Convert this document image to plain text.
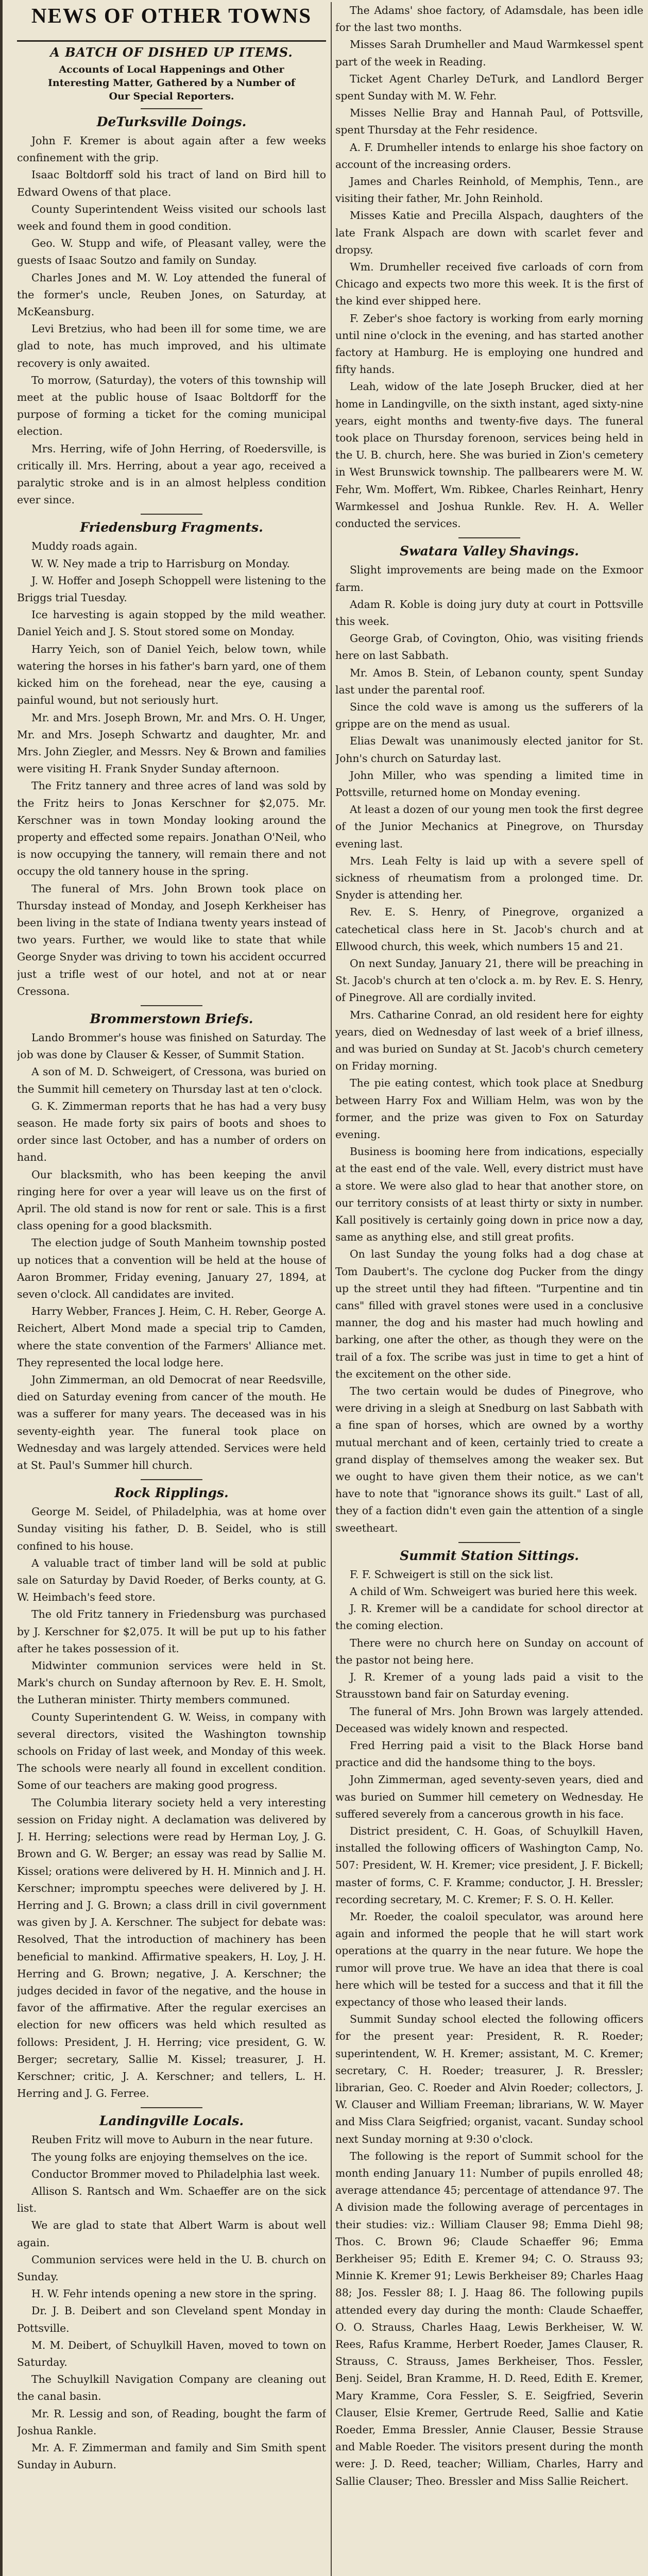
NEWS OF OTHER TOWNS
A BATCH OF DISHED UP ITEMS.
Accounts of Local Happenings and Other Interesting Matter, Gathered by a Number of Our Special Reporters.
DeTurksville Doings.

John F. Kremer is about again after a few weeks confinement with the grip.

Isaac Boltdorff sold his tract of land on Bird hill to Edward Owens of that place.

County Superintendent Weiss visited our schools last week and found them in good condition.

Geo. W. Stupp and wife, of Pleasant valley, were the guests of Isaac Soutzo and family on Sunday.

Charles Jones and M. W. Loy attended the funeral of the former's uncle, Reuben Jones, on Saturday, at McKeansburg.

Levi Bretzius, who had been ill for some time, we are glad to note, has much improved, and his ultimate recovery is only awaited.

To morrow, (Saturday), the voters of this township will meet at the public house of Isaac Boltdorff for the purpose of forming a ticket for the coming municipal election.

Mrs. Herring, wife of John Herring, of Roedersville, is critically ill. Mrs. Herring, about a year ago, received a paralytic stroke and is in an almost helpless condition ever since.

Friedensburg Fragments.

Muddy roads again.

W. W. Ney made a trip to Harrisburg on Monday.

J. W. Hoffer and Joseph Schoppell were listening to the Briggs trial Tuesday.

Ice harvesting is again stopped by the mild weather. Daniel Yeich and J. S. Stout stored some on Monday.

Harry Yeich, son of Daniel Yeich, below town, while watering the horses in his father's barn yard, one of them kicked him on the forehead, near the eye, causing a painful wound, but not seriously hurt.

Mr. and Mrs. Joseph Brown, Mr. and Mrs. O. H. Unger, Mr. and Mrs. Joseph Schwartz and daughter, Mr. and Mrs. John Ziegler, and Messrs. Ney & Brown and families were visiting H. Frank Snyder Sunday afternoon.

The Fritz tannery and three acres of land was sold by the Fritz heirs to Jonas Kerschner for $2,075. Mr. Kerschner was in town Monday looking around the property and effected some repairs. Jonathan O'Neil, who is now occupying the tannery, will remain there and not occupy the old tannery house in the spring.

The funeral of Mrs. John Brown took place on Thursday instead of Monday, and Joseph Kerkheiser has been living in the state of Indiana twenty years instead of two years. Further, we would like to state that while George Snyder was driving to town his accident occurred just a trifle west of our hotel, and not at or near Cressona.

Brommerstown Briefs.

Lando Brommer's house was finished on Saturday. The job was done by Clauser & Kesser, of Summit Station.

A son of M. D. Schweigert, of Cressona, was buried on the Summit hill cemetery on Thursday last at ten o'clock.

G. K. Zimmerman reports that he has had a very busy season. He made forty six pairs of boots and shoes to order since last October, and has a number of orders on hand.

Our blacksmith, who has been keeping the anvil ringing here for over a year will leave us on the first of April. The old stand is now for rent or sale. This is a first class opening for a good blacksmith.

The election judge of South Manheim township posted up notices that a convention will be held at the house of Aaron Brommer, Friday evening, January 27, 1894, at seven o'clock. All candidates are invited.

Harry Webber, Frances J. Heim, C. H. Reber, George A. Reichert, Albert Mond made a special trip to Camden, where the state convention of the Farmers' Alliance met. They represented the local lodge here.

John Zimmerman, an old Democrat of near Reedsville, died on Saturday evening from cancer of the mouth. He was a sufferer for many years. The deceased was in his seventy-eighth year. The funeral took place on Wednesday and was largely attended. Services were held at St. Paul's Summer hill church.

Rock Ripplings.

George M. Seidel, of Philadelphia, was at home over Sunday visiting his father, D. B. Seidel, who is still confined to his house.

A valuable tract of timber land will be sold at public sale on Saturday by David Roeder, of Berks county, at G. W. Heimbach's feed store.

The old Fritz tannery in Friedensburg was purchased by J. Kerschner for $2,075. It will be put up to his father after he takes possession of it.

Midwinter communion services were held in St. Mark's church on Sunday afternoon by Rev. E. H. Smolt, the Lutheran minister. Thirty members communed.

County Superintendent G. W. Weiss, in company with several directors, visited the Washington township schools on Friday of last week, and Monday of this week. The schools were nearly all found in excellent condition. Some of our teachers are making good progress.

The Columbia literary society held a very interesting session on Friday night. A declamation was delivered by J. H. Herring; selections were read by Herman Loy, J. G. Brown and G. W. Berger; an essay was read by Sallie M. Kissel; orations were delivered by H. H. Minnich and J. H. Kerschner; impromptu speeches were delivered by J. H. Herring and J. G. Brown; a class drill in civil government was given by J. A. Kerschner. The subject for debate was: Resolved, That the introduction of machinery has been beneficial to mankind. Affirmative speakers, H. Loy, J. H. Herring and G. Brown; negative, J. A. Kerschner; the judges decided in favor of the negative, and the house in favor of the affirmative. After the regular exercises an election for new officers was held which resulted as follows: President, J. H. Herring; vice president, G. W. Berger; secretary, Sallie M. Kissel; treasurer, J. H. Kerschner; critic, J. A. Kerschner; and tellers, L. H. Herring and J. G. Ferree.

Landingville Locals.

Reuben Fritz will move to Auburn in the near future.

The young folks are enjoying themselves on the ice.

Conductor Brommer moved to Philadelphia last week.

Allison S. Rantsch and Wm. Schaeffer are on the sick list.

We are glad to state that Albert Warm is about well again.

Communion services were held in the U. B. church on Sunday.

H. W. Fehr intends opening a new store in the spring.

Dr. J. B. Deibert and son Cleveland spent Monday in Pottsville.

M. M. Deibert, of Schuylkill Haven, moved to town on Saturday.

The Schuylkill Navigation Company are cleaning out the canal basin.

Mr. R. Lessig and son, of Reading, bought the farm of Joshua Rankle.

Mr. A. F. Zimmerman and family and Sim Smith spent Sunday in Auburn.

The Adams' shoe factory, of Adamsdale, has been idle for the last two months.

Misses Sarah Drumheller and Maud Warmkessel spent part of the week in Reading.

Ticket Agent Charley DeTurk, and Landlord Berger spent Sunday with M. W. Fehr.

Misses Nellie Bray and Hannah Paul, of Pottsville, spent Thursday at the Fehr residence.

A. F. Drumheller intends to enlarge his shoe factory on account of the increasing orders.

James and Charles Reinhold, of Memphis, Tenn., are visiting their father, Mr. John Reinhold.

Misses Katie and Precilla Alspach, daughters of the late Frank Alspach are down with scarlet fever and dropsy.

Wm. Drumheller received five carloads of corn from Chicago and expects two more this week. It is the first of the kind ever shipped here.

F. Zeber's shoe factory is working from early morning until nine o'clock in the evening, and has started another factory at Hamburg. He is employing one hundred and fifty hands.

Leah, widow of the late Joseph Brucker, died at her home in Landingville, on the sixth instant, aged sixty-nine years, eight months and twenty-five days. The funeral took place on Thursday forenoon, services being held in the U. B. church, here. She was buried in Zion's cemetery in West Brunswick township. The pallbearers were M. W. Fehr, Wm. Moffert, Wm. Ribkee, Charles Reinhart, Henry Warmkessel and Joshua Runkle. Rev. H. A. Weller conducted the services.

Swatara Valley Shavings.

Slight improvements are being made on the Exmoor farm.

Adam R. Koble is doing jury duty at court in Pottsville this week.

George Grab, of Covington, Ohio, was visiting friends here on last Sabbath.

Mr. Amos B. Stein, of Lebanon county, spent Sunday last under the parental roof.

Since the cold wave is among us the sufferers of la grippe are on the mend as usual.

Elias Dewalt was unanimously elected janitor for St. John's church on Saturday last.

John Miller, who was spending a limited time in Pottsville, returned home on Monday evening.

At least a dozen of our young men took the first degree of the Junior Mechanics at Pinegrove, on Thursday evening last.

Mrs. Leah Felty is laid up with a severe spell of sickness of rheumatism from a prolonged time. Dr. Snyder is attending her.

Rev. E. S. Henry, of Pinegrove, organized a catechetical class here in St. Jacob's church and at Ellwood church, this week, which numbers 15 and 21.

On next Sunday, January 21, there will be preaching in St. Jacob's church at ten o'clock a. m. by Rev. E. S. Henry, of Pinegrove. All are cordially invited.

Mrs. Catharine Conrad, an old resident here for eighty years, died on Wednesday of last week of a brief illness, and was buried on Sunday at St. Jacob's church cemetery on Friday morning.

The pie eating contest, which took place at Snedburg between Harry Fox and William Helm, was won by the former, and the prize was given to Fox on Saturday evening.

Business is booming here from indications, especially at the east end of the vale. Well, every district must have a store. We were also glad to hear that another store, on our territory consists of at least thirty or sixty in number. Kall positively is certainly going down in price now a day, same as anything else, and still great profits.

On last Sunday the young folks had a dog chase at Tom Daubert's. The cyclone dog Pucker from the dingy up the street until they had fifteen. "Turpentine and tin cans" filled with gravel stones were used in a conclusive manner, the dog and his master had much howling and barking, one after the other, as though they were on the trail of a fox. The scribe was just in time to get a hint of the excitement on the other side.

The two certain would be dudes of Pinegrove, who were driving in a sleigh at Snedburg on last Sabbath with a fine span of horses, which are owned by a worthy mutual merchant and of keen, certainly tried to create a grand display of themselves among the weaker sex. But we ought to have given them their notice, as we can't have to note that "ignorance shows its guilt." Last of all, they of a faction didn't even gain the attention of a single sweetheart.

Summit Station Sittings.

F. F. Schweigert is still on the sick list.

A child of Wm. Schweigert was buried here this week.

J. R. Kremer will be a candidate for school director at the coming election.

There were no church here on Sunday on account of the pastor not being here.

J. R. Kremer of a young lads paid a visit to the Strausstown band fair on Saturday evening.

The funeral of Mrs. John Brown was largely attended. Deceased was widely known and respected.

Fred Herring paid a visit to the Black Horse band practice and did the handsome thing to the boys.

John Zimmerman, aged seventy-seven years, died and was buried on Summer hill cemetery on Wednesday. He suffered severely from a cancerous growth in his face.

District president, C. H. Goas, of Schuylkill Haven, installed the following officers of Washington Camp, No. 507: President, W. H. Kremer; vice president, J. F. Bickell; master of forms, C. F. Kramme; conductor, J. H. Bressler; recording secretary, M. C. Kremer; F. S. O. H. Keller.

Mr. Roeder, the coaloil speculator, was around here again and informed the people that he will start work operations at the quarry in the near future. We hope the rumor will prove true. We have an idea that there is coal here which will be tested for a success and that it fill the expectancy of those who leased their lands.

Summit Sunday school elected the following officers for the present year: President, R. R. Roeder; superintendent, W. H. Kremer; assistant, M. C. Kremer; secretary, C. H. Roeder; treasurer, J. R. Bressler; librarian, Geo. C. Roeder and Alvin Roeder; collectors, J. W. Clauser and William Freeman; librarians, W. W. Mayer and Miss Clara Seigfried; organist, vacant. Sunday school next Sunday morning at 9:30 o'clock.

The following is the report of Summit school for the month ending January 11: Number of pupils enrolled 48; average attendance 45; percentage of attendance 97. The A division made the following average of percentages in their studies: viz.: William Clauser 98; Emma Diehl 98; Thos. C. Brown 96; Claude Schaeffer 96; Emma Berkheiser 95; Edith E. Kremer 94; C. O. Strauss 93; Minnie K. Kremer 91; Lewis Berkheiser 89; Charles Haag 88; Jos. Fessler 88; I. J. Haag 86. The following pupils attended every day during the month: Claude Schaeffer, O. O. Strauss, Charles Haag, Lewis Berkheiser, W. W. Rees, Rafus Kramme, Herbert Roeder, James Clauser, R. Strauss, C. Strauss, James Berkheiser, Thos. Fessler, Benj. Seidel, Bran Kramme, H. D. Reed, Edith E. Kremer, Mary Kramme, Cora Fessler, S. E. Seigfried, Severin Clauser, Elsie Kremer, Gertrude Reed, Sallie and Katie Roeder, Emma Bressler, Annie Clauser, Bessie Strause and Mable Roeder. The visitors present during the month were: J. D. Reed, teacher; William, Charles, Harry and Sallie Clauser; Theo. Bressler and Miss Sallie Reichert.
